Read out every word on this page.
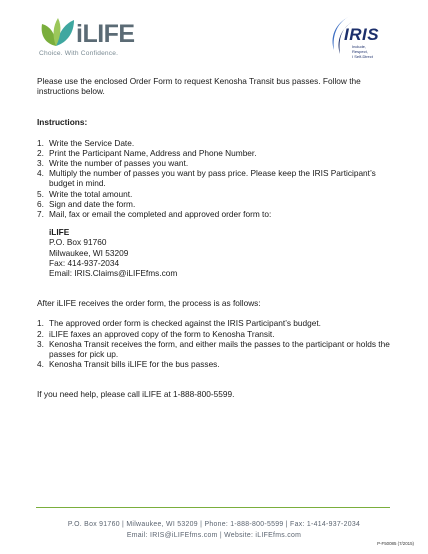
iLIFE
Choice. With Confidence.
IRIS
Include,
Respect,
I Self-Direct

Please use the enclosed Order Form to request Kenosha Transit bus passes. Follow the instructions below.

Instructions:

1. Write the Service Date.
2. Print the Participant Name, Address and Phone Number.
3. Write the number of passes you want.
4. Multiply the number of passes you want by pass price. Please keep the IRIS Participant’s budget in mind.
5. Write the total amount.
6. Sign and date the form.
7. Mail, fax or email the completed and approved order form to:
iLIFE
P.O. Box 91760
Milwaukee, WI 53209
Fax: 414-937-2034
Email: IRIS.Claims@iLIFEfms.com

After iLIFE receives the order form, the process is as follows:

1. The approved order form is checked against the IRIS Participant’s budget.
2. iLIFE faxes an approved copy of the form to Kenosha Transit.
3. Kenosha Transit receives the form, and either mails the passes to the participant or holds the passes for pick up.
4. Kenosha Transit bills iLIFE for the bus passes.

If you need help, please call iLIFE at 1-888-800-5599.

P.O. Box 91760 | Milwaukee, WI 53209 | Phone: 1-888-800-5599 | Fax: 1-414-937-2034
Email: IRIS@iLIFEfms.com | Website: iLIFEfms.com
P-F50085 (7/2015)
